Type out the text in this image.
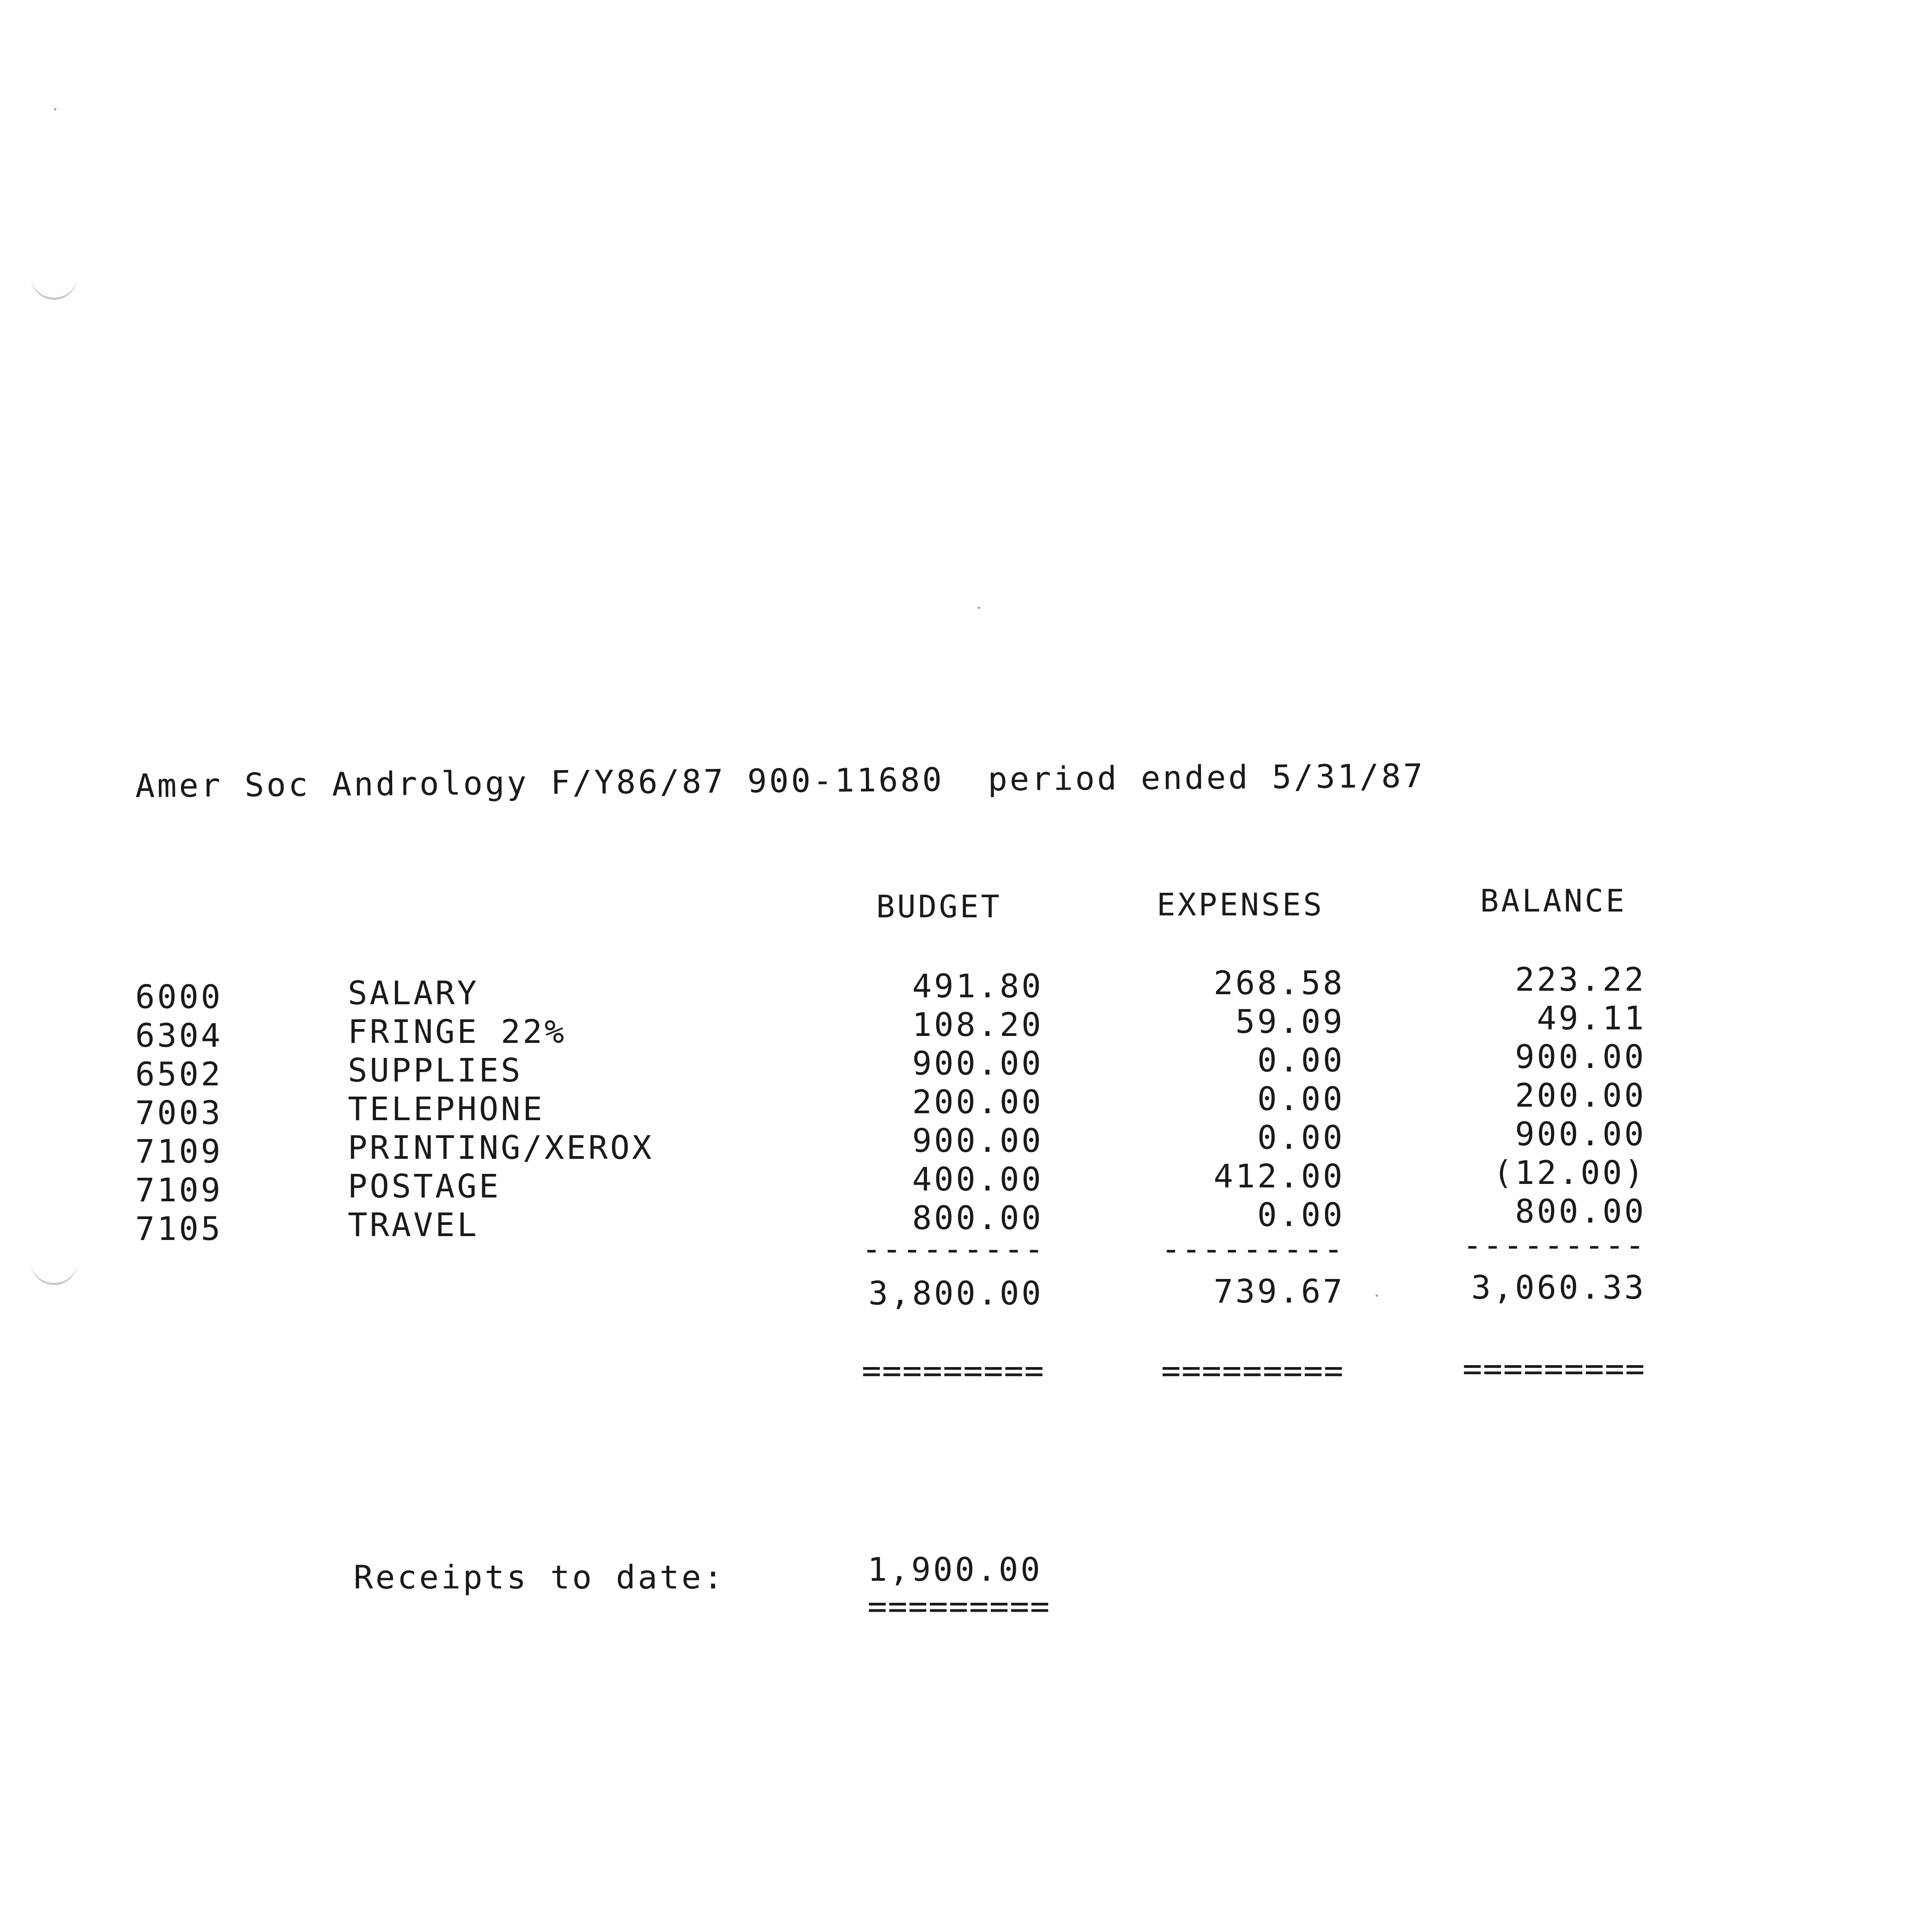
Amer Soc Andrology F/Y86/87 900-11680 period ended 5/31/87
BUDGET	EXPENSES	BALANCE
6000	SALARY	491.80	268.58	223.22
6304	FRINGE 22%	108.20	59.09	49.11
6502	SUPPLIES	900.00	0.00	900.00
7003	TELEPHONE	200.00	0.00	200.00
7109	PRINTING/XEROX	900.00	0.00	900.00
7109	POSTAGE	400.00	412.00	(12.00)
7105	TRAVEL	800.00	0.00	800.00
---------	---------	---------
3,800.00	739.67	3,060.33
=========	=========	=========
Receipts to date:	1,900.00
=========
